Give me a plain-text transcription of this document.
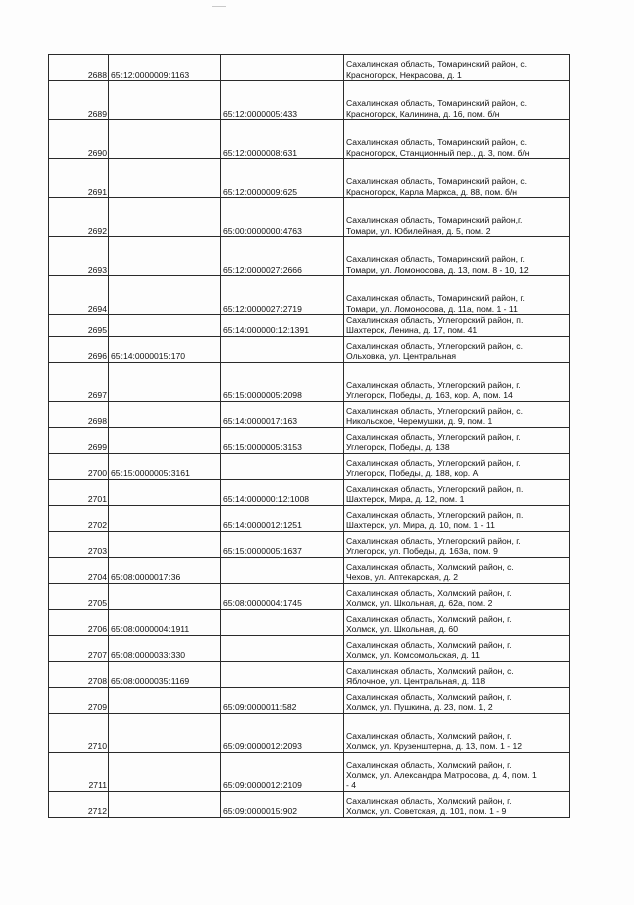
2688	65:12:0000009:1163		Сахалинская область, Томаринский район, с.
Красногорск, Некрасова, д. 1

2689		65:12:0000005:433	Сахалинская область, Томаринский район, с.
Красногорск, Калинина, д. 16, пом. б/н

2690		65:12:0000008:631	Сахалинская область, Томаринский район, с.
Красногорск, Станционный пер., д. 3, пом. б/н

2691		65:12:0000009:625	Сахалинская область, Томаринский район, с.
Красногорск, Карла Маркса, д. 88, пом. б/н

2692		65:00:0000000:4763	Сахалинская область, Томаринский район,г.
Томари, ул. Юбилейная, д. 5, пом. 2

2693		65:12:0000027:2666	Сахалинская область, Томаринский район, г.
Томари, ул. Ломоносова, д. 13, пом. 8 - 10, 12

2694		65:12:0000027:2719	Сахалинская область, Томаринский район, г.
Томари, ул. Ломоносова, д. 11а, пом. 1 - 11

2695		65:14:000000:12:1391	Сахалинская область, Углегорский район, п.
Шахтерск, Ленина, д. 17, пом. 41

2696	65:14:0000015:170		Сахалинская область, Углегорский район, с.
Ольховка, ул. Центральная

2697		65:15:0000005:2098	Сахалинская область, Углегорский район, г.
Углегорск, Победы, д. 163, кор. А, пом. 14

2698		65:14:0000017:163	Сахалинская область, Углегорский район, с.
Никольское, Черемушки, д. 9, пом. 1

2699		65:15:0000005:3153	Сахалинская область, Углегорский район, г.
Углегорск, Победы, д. 138

2700	65:15:0000005:3161		Сахалинская область, Углегорский район, г.
Углегорск, Победы, д. 188, кор. А

2701		65:14:000000:12:1008	Сахалинская область, Углегорский район, п.
Шахтерск, Мира, д. 12, пом. 1

2702		65:14:0000012:1251	Сахалинская область, Углегорский район, п.
Шахтерск, ул. Мира, д. 10, пом. 1 - 11

2703		65:15:0000005:1637	Сахалинская область, Углегорский район, г.
Углегорск, ул. Победы, д. 163а, пом. 9

2704	65:08:0000017:36		Сахалинская область, Холмский район, с.
Чехов, ул. Аптекарская, д. 2

2705		65:08:0000004:1745	Сахалинская область, Холмский район, г.
Холмск, ул. Школьная, д. 62а, пом. 2

2706	65:08:0000004:1911		Сахалинская область, Холмский район, г.
Холмск, ул. Школьная, д. 60

2707	65:08:0000033:330		Сахалинская область, Холмский район, г.
Холмск, ул. Комсомольская, д. 11

2708	65:08:0000035:1169		Сахалинская область, Холмский район, с.
Яблочное, ул. Центральная, д. 118

2709		65:09:0000011:582	Сахалинская область, Холмский район, г.
Холмск, ул. Пушкина, д. 23, пом. 1, 2

2710		65:09:0000012:2093	Сахалинская область, Холмский район, г.
Холмск, ул. Крузенштерна, д. 13, пом. 1 - 12

2711		65:09:0000012:2109	Сахалинская область, Холмский район, г.
Холмск, ул. Александра Матросова, д. 4, пом. 1
- 4

2712		65:09:0000015:902	Сахалинская область, Холмский район, г.
Холмск, ул. Советская, д. 101, пом. 1 - 9
